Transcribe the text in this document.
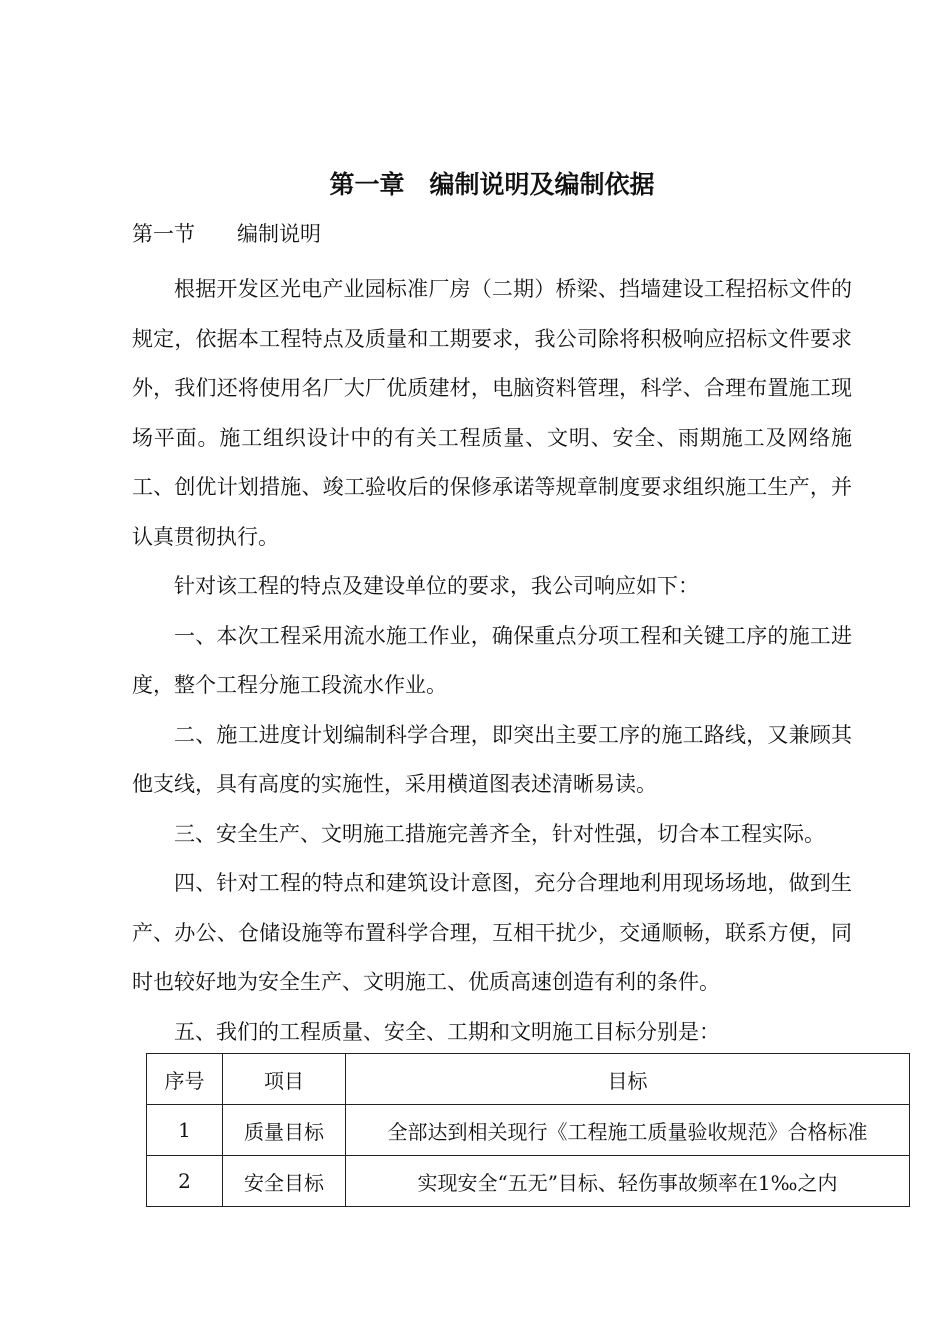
第一章　编制说明及编制依据
第一节　　编制说明

根据开发区光电产业园标准厂房（二期）桥梁、挡墙建设工程招标文件的规定，依据本工程特点及质量和工期要求，我公司除将积极响应招标文件要求外，我们还将使用名厂大厂优质建材，电脑资料管理，科学、合理布置施工现场平面。施工组织设计中的有关工程质量、文明、安全、雨期施工及网络施工、创优计划措施、竣工验收后的保修承诺等规章制度要求组织施工生产，并认真贯彻执行。

针对该工程的特点及建设单位的要求，我公司响应如下：

一、本次工程采用流水施工作业，确保重点分项工程和关键工序的施工进度，整个工程分施工段流水作业。

二、施工进度计划编制科学合理，即突出主要工序的施工路线，又兼顾其他支线，具有高度的实施性，采用横道图表述清晰易读。

三、安全生产、文明施工措施完善齐全，针对性强，切合本工程实际。

四、针对工程的特点和建筑设计意图，充分合理地利用现场场地，做到生产、办公、仓储设施等布置科学合理，互相干扰少，交通顺畅，联系方便，同时也较好地为安全生产、文明施工、优质高速创造有利的条件。

五、我们的工程质量、安全、工期和文明施工目标分别是：

序号	项目	目标
1	质量目标	全部达到相关现行《工程施工质量验收规范》合格标准
2	安全目标	实现安全“五无”目标、轻伤事故频率在1‰之内
